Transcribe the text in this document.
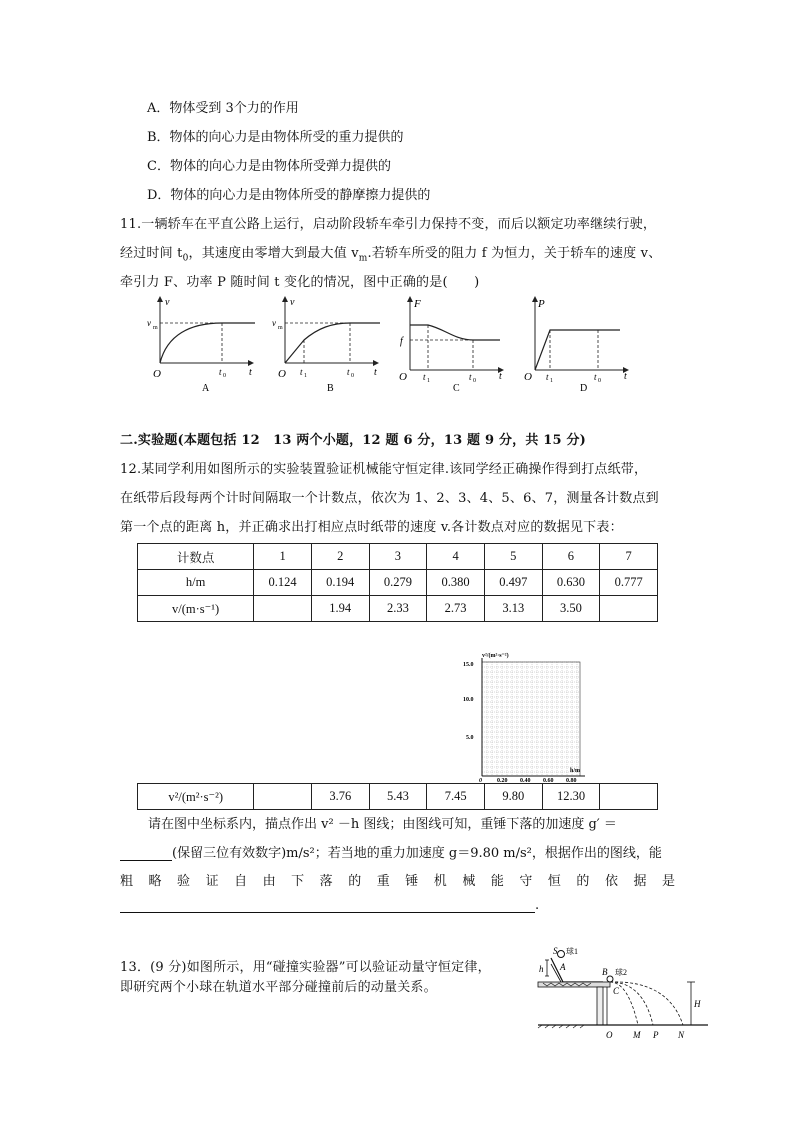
A．物体受到 3个力的作用
B．物体的向心力是由物体所受的重力提供的
C．物体的向心力是由物体所受弹力提供的
D．物体的向心力是由物体所受的静摩擦力提供的
11.一辆轿车在平直公路上运行，启动阶段轿车牵引力保持不变，而后以额定功率继续行驶，
经过时间 $t_0$，其速度由零增大到最大值 $v_m$.若轿车所受的阻力 f 为恒力，关于轿车的速度 v、
牵引力 F、功率 P 随时间 t 变化的情况，图中正确的是(　　)
v
v m
O	t 0 t
A
v
v m
O t 1	t 0 t
B
F
f
O t 1	t 0 t
C
P
O t 1	t 0 t
D
二.实验题(本题包括 12　13 两个小题，12 题 6 分，13 题 9 分，共 15 分)
12.某同学利用如图所示的实验装置验证机械能守恒定律.该同学经正确操作得到打点纸带，
在纸带后段每两个计时间隔取一个计数点，依次为 1、2、3、4、5、6、7，测量各计数点到
第一个点的距离 h，并正确求出打相应点时纸带的速度 v.各计数点对应的数据见下表：
计数点	1	2	3	4	5	6	7
h/m	0.124	0.194	0.279	0.380	0.497	0.630	0.777
v/(m·s⁻¹)		1.94	2.33	2.73	3.13	3.50	
v²/(m²·s⁻²)
h/m
15.0
10.0
5.0
0	0.20 0.40 0.60 0.80
v²/(m²·s⁻²)		3.76	5.43	7.45	9.80	12.30	
请在图中坐标系内，描点作出 v² －h 图线；由图线可知，重锤下落的加速度 g′ ＝
(保留三位有效数字)m/s²；若当地的重力加速度 g＝9.80 m/s²，根据作出的图线，能
粗 略 验 证 自 由 下 落 的 重 锤 机 械 能 守 恒 的 依 据 是
.
13．(9 分)如图所示，用“碰撞实验器”可以验证动量守恒定律，
即研究两个小球在轨道水平部分碰撞前后的动量关系。
S 球1
A
h	B 球2
C
H
O M P N
